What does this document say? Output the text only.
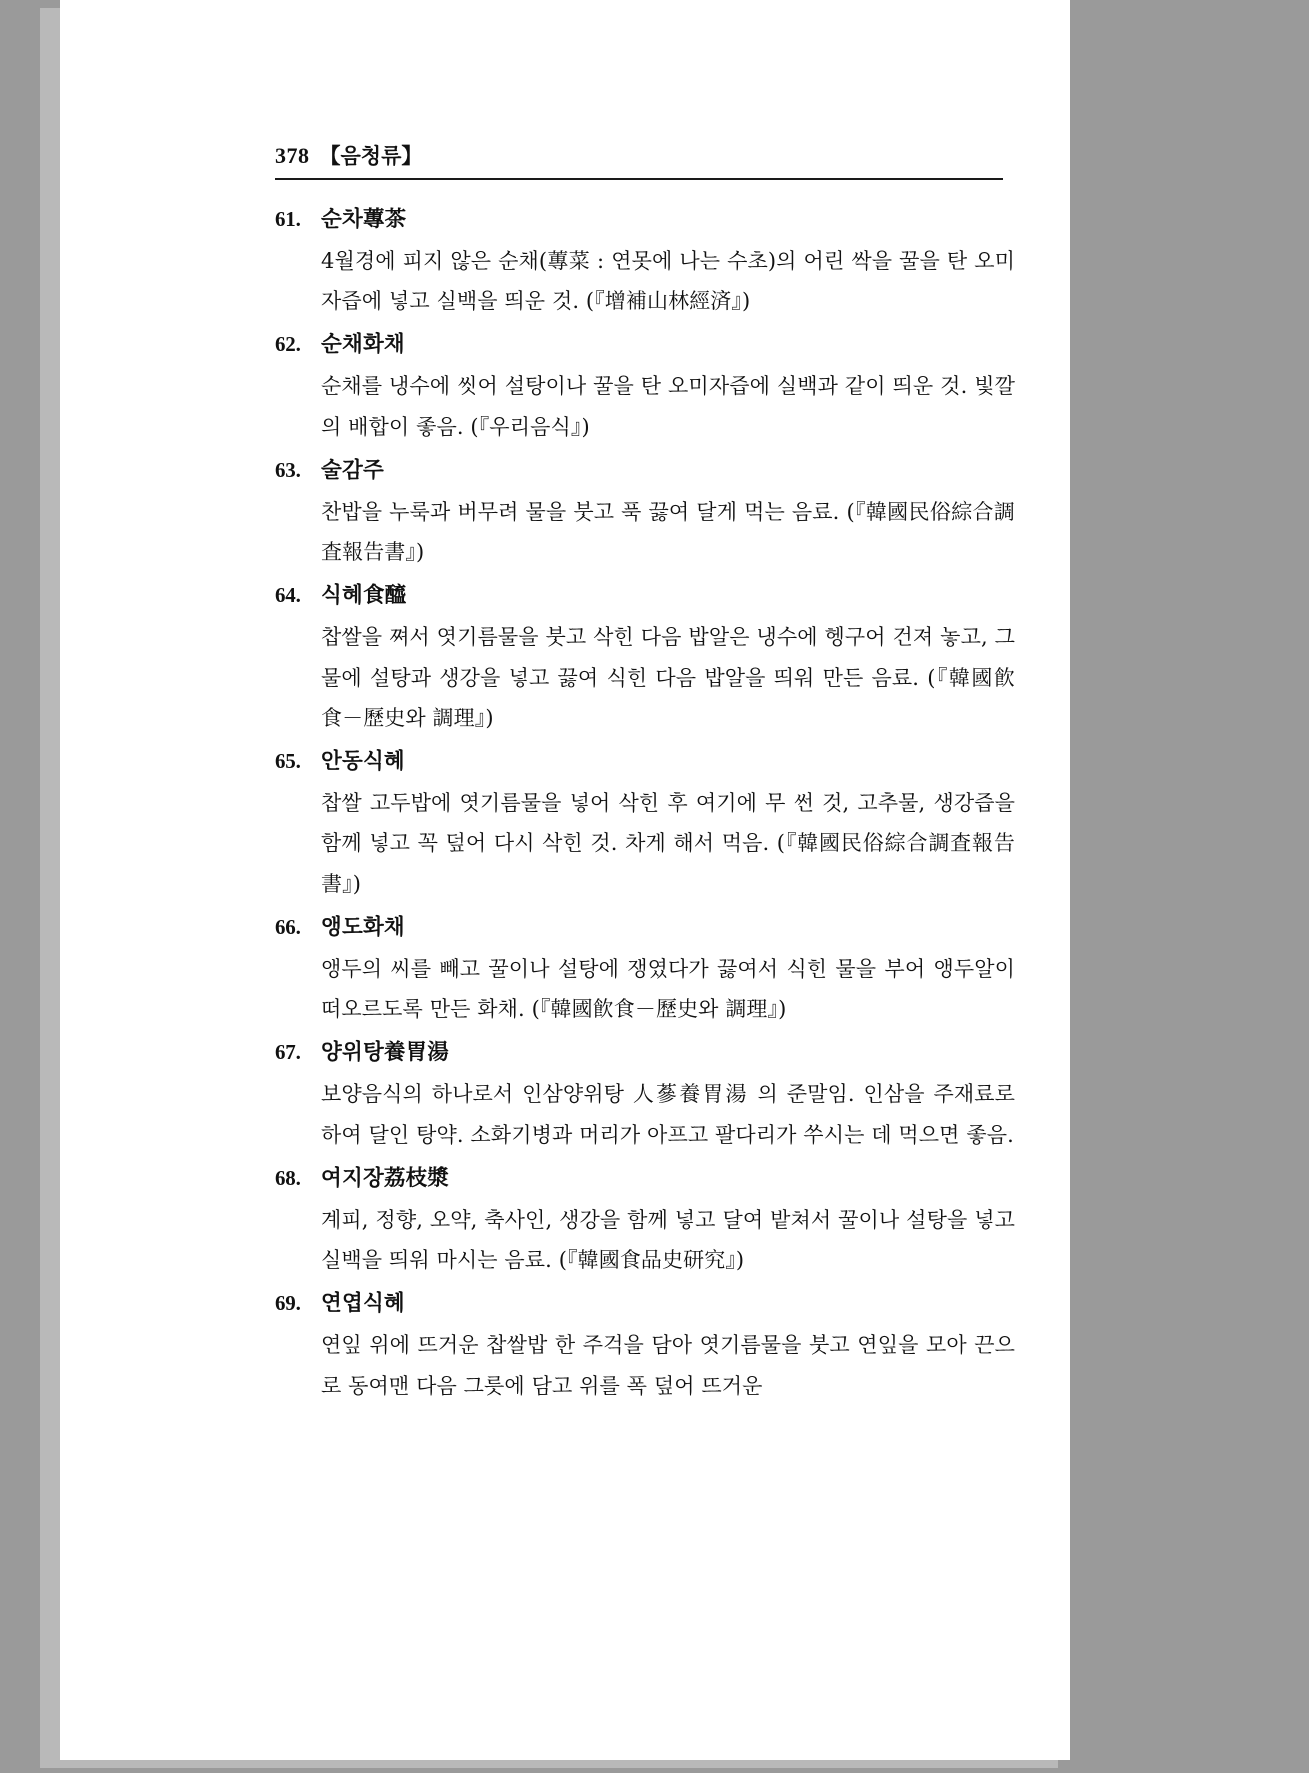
378 【음청류】
61. 순차蓴茶
4월경에 피지 않은 순채(蓴菜 : 연못에 나는 수초)의 어린 싹을 꿀을 탄 오미자즙에 넣고 실백을 띄운 것. (『增補山林經済』)
62. 순채화채
순채를 냉수에 씻어 설탕이나 꿀을 탄 오미자즙에 실백과 같이 띄운 것. 빛깔의 배합이 좋음. (『우리음식』)
63. 술감주
찬밥을 누룩과 버무려 물을 붓고 푹 끓여 달게 먹는 음료. (『韓國民俗綜合調査報告書』)
64. 식혜食醯
찹쌀을 쪄서 엿기름물을 붓고 삭힌 다음 밥알은 냉수에 헹구어 건져 놓고, 그 물에 설탕과 생강을 넣고 끓여 식힌 다음 밥알을 띄워 만든 음료. (『韓國飮食－歷史와 調理』)
65. 안동식혜
찹쌀 고두밥에 엿기름물을 넣어 삭힌 후 여기에 무 썬 것, 고추물, 생강즙을 함께 넣고 꼭 덮어 다시 삭힌 것. 차게 해서 먹음. (『韓國民俗綜合調査報告書』)
66. 앵도화채
앵두의 씨를 빼고 꿀이나 설탕에 쟁였다가 끓여서 식힌 물을 부어 앵두알이 떠오르도록 만든 화채. (『韓國飮食－歷史와 調理』)
67. 양위탕養胃湯
보양음식의 하나로서 인삼양위탕 人蔘養胃湯 의 준말임. 인삼을 주재료로 하여 달인 탕약. 소화기병과 머리가 아프고 팔다리가 쑤시는 데 먹으면 좋음.
68. 여지장荔枝漿
계피, 정향, 오약, 축사인, 생강을 함께 넣고 달여 밭쳐서 꿀이나 설탕을 넣고 실백을 띄워 마시는 음료. (『韓國食品史研究』)
69. 연엽식혜
연잎 위에 뜨거운 찹쌀밥 한 주걱을 담아 엿기름물을 붓고 연잎을 모아 끈으로 동여맨 다음 그릇에 담고 위를 폭 덮어 뜨거운
